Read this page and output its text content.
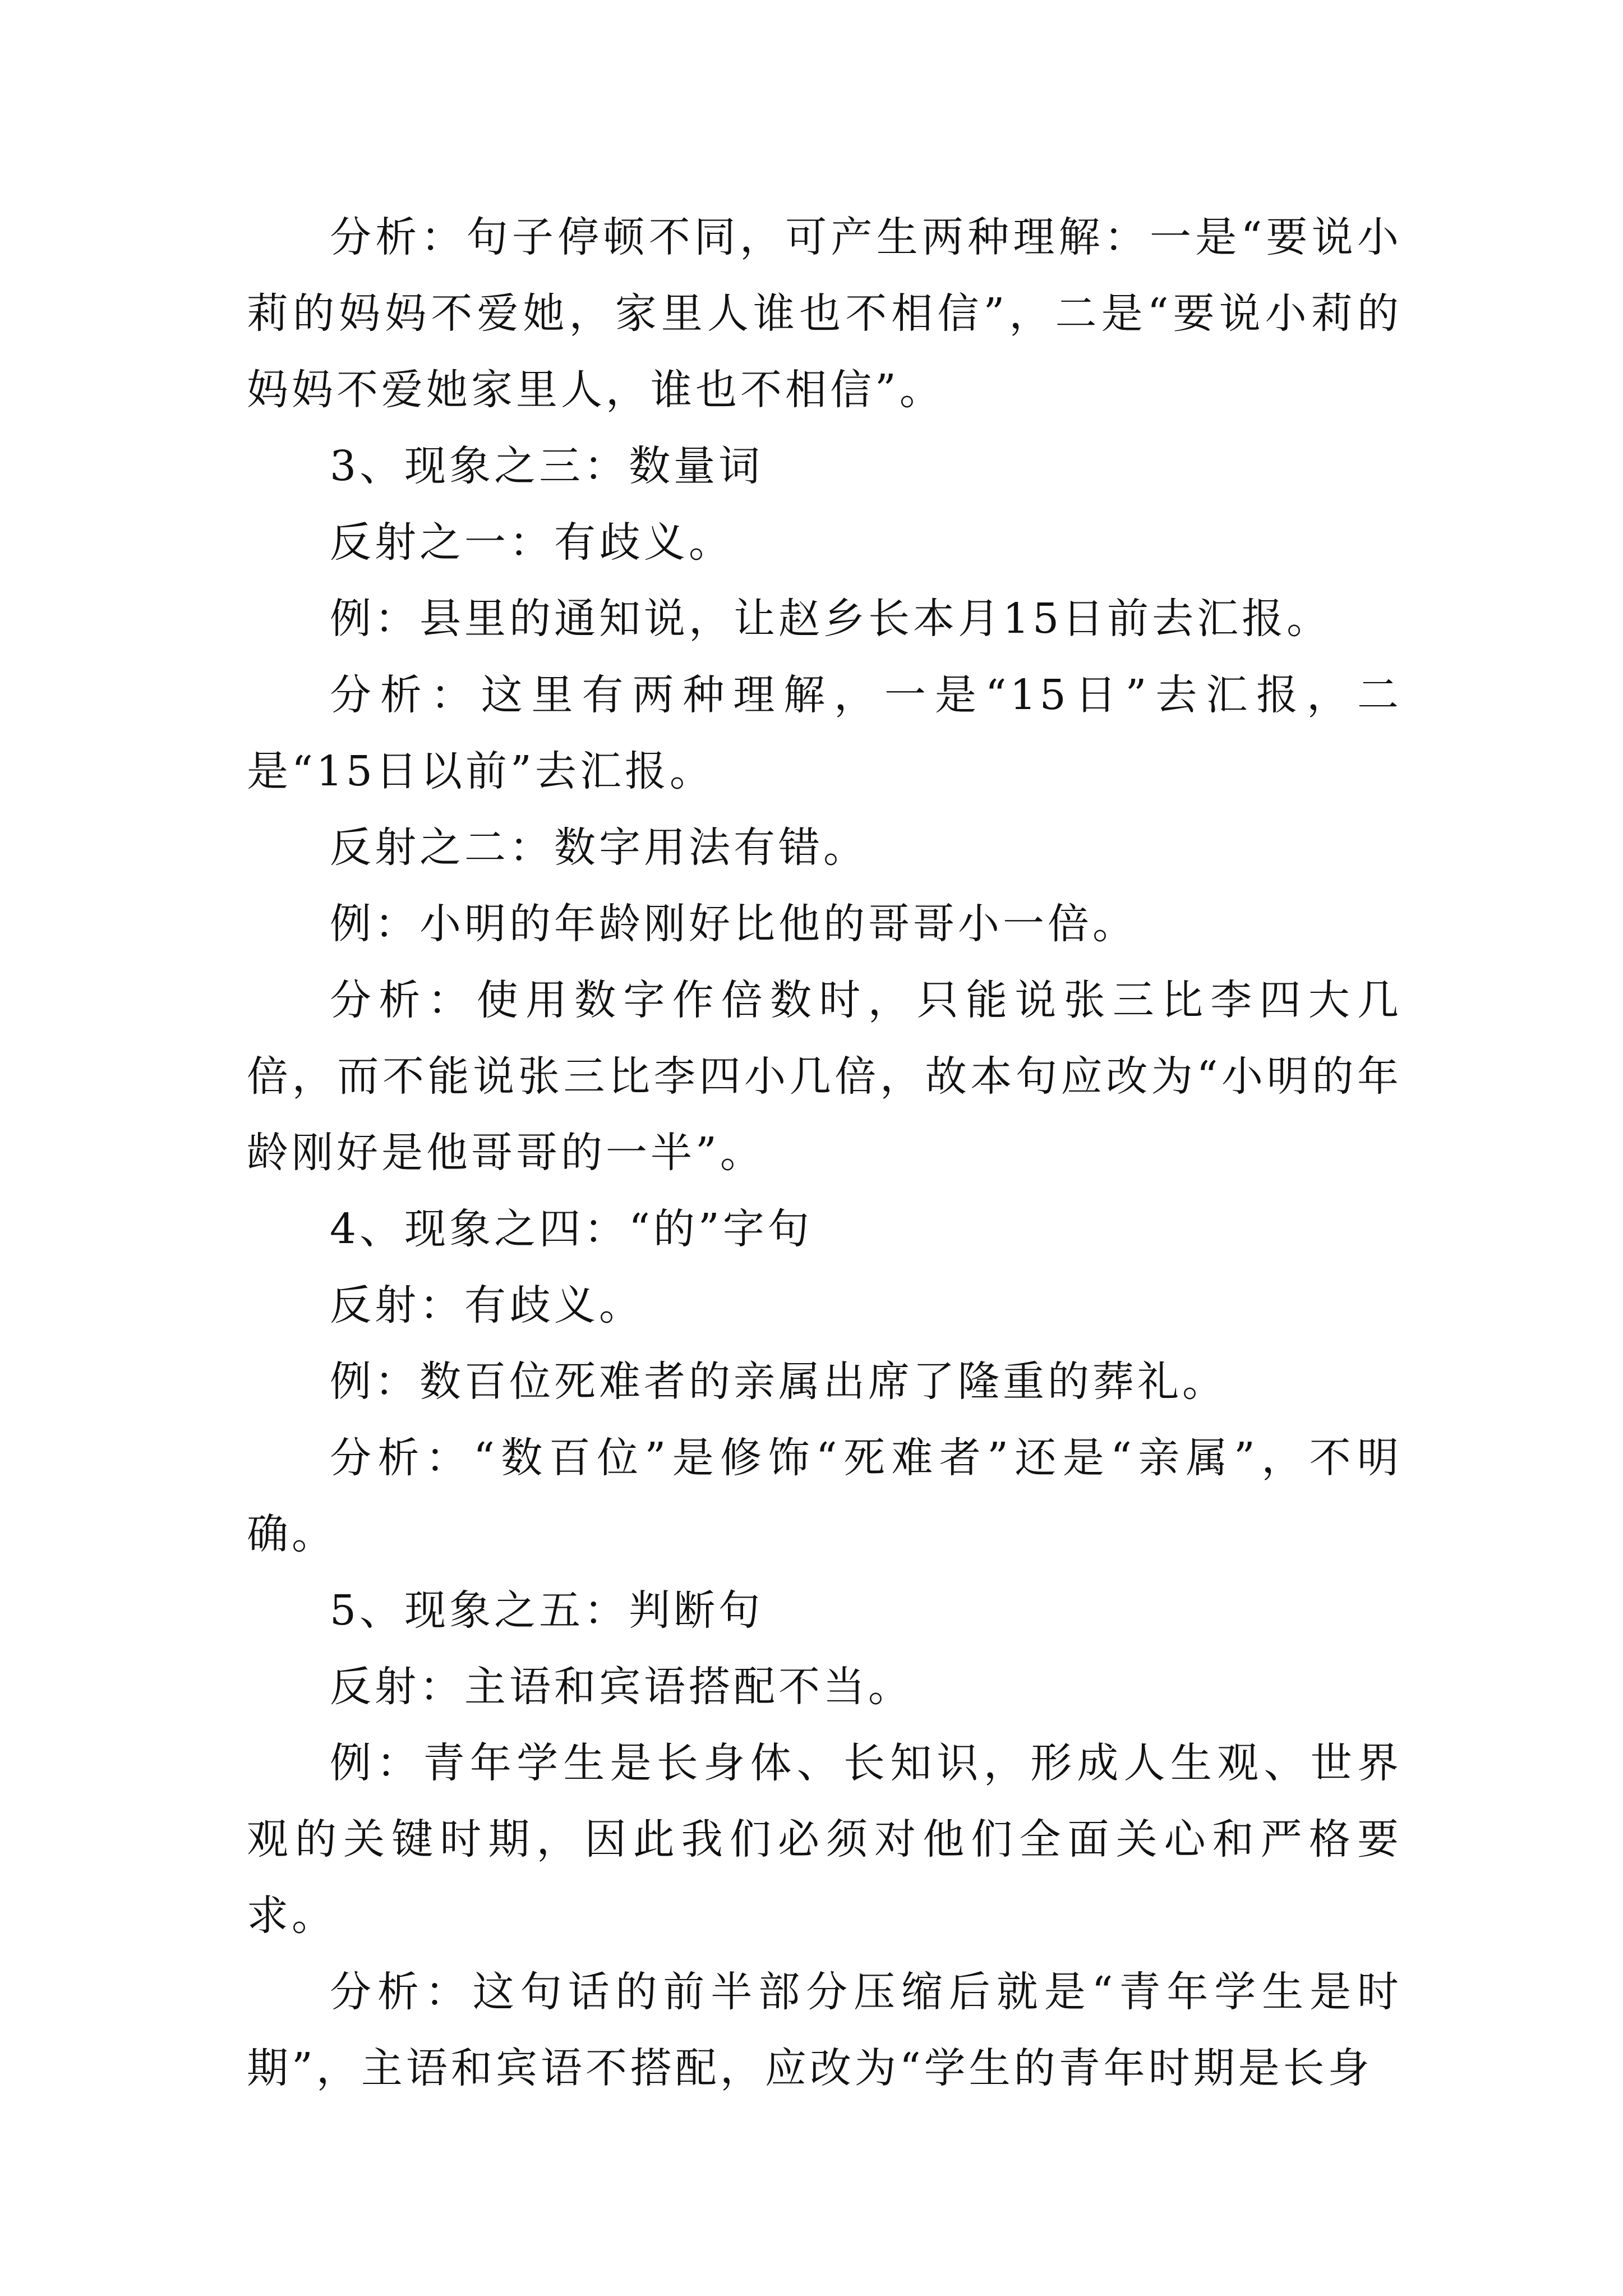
分析：句子停顿不同，可产生两种理解：一是“要说小莉的妈妈不爱她，家里人谁也不相信”，二是“要说小莉的妈妈不爱她家里人，谁也不相信”。

3、现象之三：数量词

反射之一：有歧义。

例：县里的通知说，让赵乡长本月15日前去汇报。

分析：这里有两种理解，一是“15日”去汇报，二是“15日以前”去汇报。

反射之二：数字用法有错。

例：小明的年龄刚好比他的哥哥小一倍。

分析：使用数字作倍数时，只能说张三比李四大几倍，而不能说张三比李四小几倍，故本句应改为“小明的年龄刚好是他哥哥的一半”。

4、现象之四：“的”字句

反射：有歧义。

例：数百位死难者的亲属出席了隆重的葬礼。

分析：“数百位”是修饰“死难者”还是“亲属”，不明确。

5、现象之五：判断句

反射：主语和宾语搭配不当。

例：青年学生是长身体、长知识，形成人生观、世界观的关键时期，因此我们必须对他们全面关心和严格要求。

分析：这句话的前半部分压缩后就是“青年学生是时期”，主语和宾语不搭配，应改为“学生的青年时期是长身
